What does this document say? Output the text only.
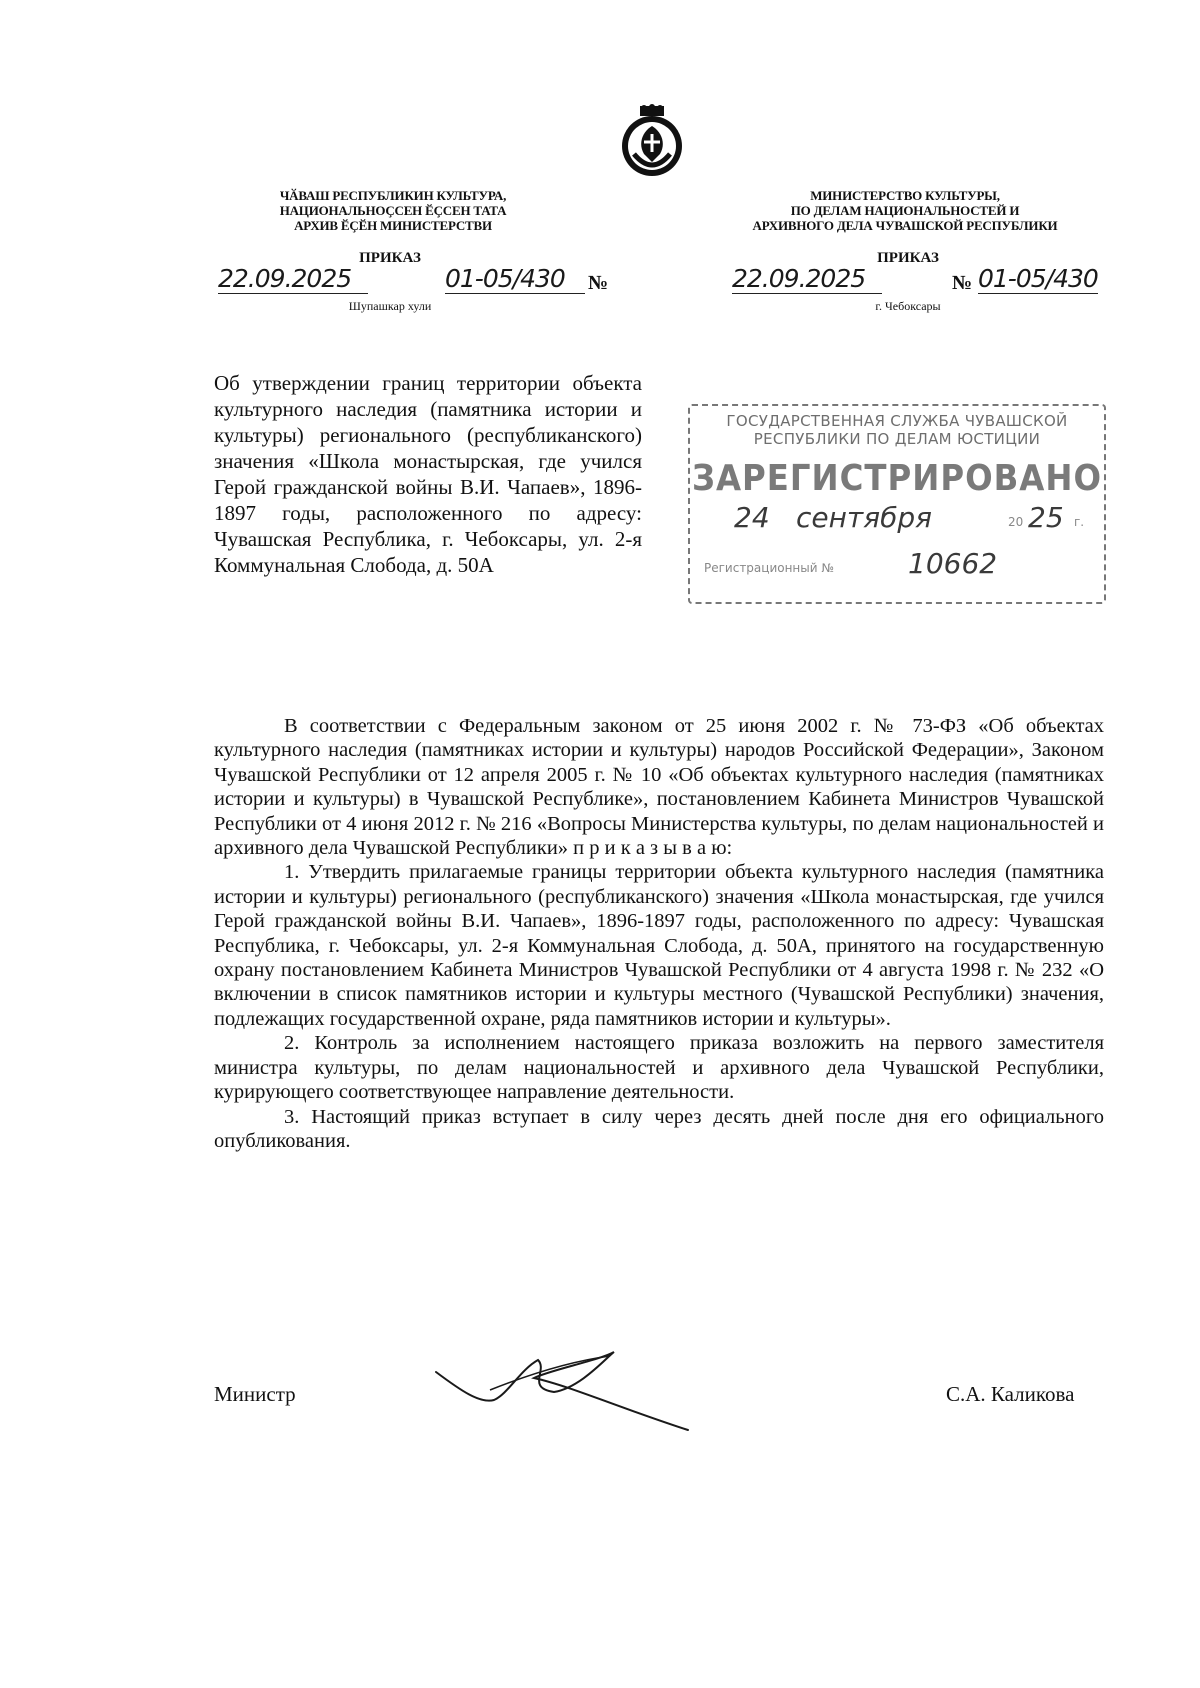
ЧӐВАШ РЕСПУБЛИКИН КУЛЬТУРА,
НАЦИОНАЛЬНОҪСЕН ӖҪСЕН ТАТА
АРХИВ ӖҪӖН МИНИСТЕРСТВИ
ПРИКАЗ
22.09.2025	01-05/430	№
Шупашкар хули
МИНИСТЕРСТВО КУЛЬТУРЫ,
ПО ДЕЛАМ НАЦИОНАЛЬНОСТЕЙ И
АРХИВНОГО ДЕЛА ЧУВАШСКОЙ РЕСПУБЛИКИ
ПРИКАЗ
22.09.2025	№ 01-05/430
г. Чебоксары
Об утверждении границ территории объекта культурного наследия (памятника истории и культуры) регионального (республиканского) значения «Школа монастырская, где учился Герой гражданской войны В.И. Чапаев», 1896-1897 годы, расположенного по адресу: Чувашская Республика, г. Чебоксары, ул. 2-я Коммунальная Слобода, д. 50А
ГОСУДАРСТВЕННАЯ СЛУЖБА ЧУВАШСКОЙ
РЕСПУБЛИКИ ПО ДЕЛАМ ЮСТИЦИИ
ЗАРЕГИСТРИРОВАНО
24 сентября	20 25 г.
Регистрационный №	10662

В соответствии с Федеральным законом от 25 июня 2002 г. № 73-ФЗ «Об объектах культурного наследия (памятниках истории и культуры) народов Российской Федерации», Законом Чувашской Республики от 12 апреля 2005 г. № 10 «Об объектах культурного наследия (памятниках истории и культуры) в Чувашской Республике», постановлением Кабинета Министров Чувашской Республики от 4 июня 2012 г. № 216 «Вопросы Министерства культуры, по делам национальностей и архивного дела Чувашской Республики» п р и к а з ы в а ю:

1. Утвердить прилагаемые границы территории объекта культурного наследия (памятника истории и культуры) регионального (республиканского) значения «Школа монастырская, где учился Герой гражданской войны В.И. Чапаев», 1896-1897 годы, расположенного по адресу: Чувашская Республика, г. Чебоксары, ул. 2-я Коммунальная Слобода, д. 50А, принятого на государственную охрану постановлением Кабинета Министров Чувашской Республики от 4 августа 1998 г. № 232 «О включении в список памятников истории и культуры местного (Чувашской Республики) значения, подлежащих государственной охране, ряда памятников истории и культуры».

2. Контроль за исполнением настоящего приказа возложить на первого заместителя министра культуры, по делам национальностей и архивного дела Чувашской Республики, курирующего соответствующее направление деятельности.

3. Настоящий приказ вступает в силу через десять дней после дня его официального опубликования.

Министр	С.А. Каликова
